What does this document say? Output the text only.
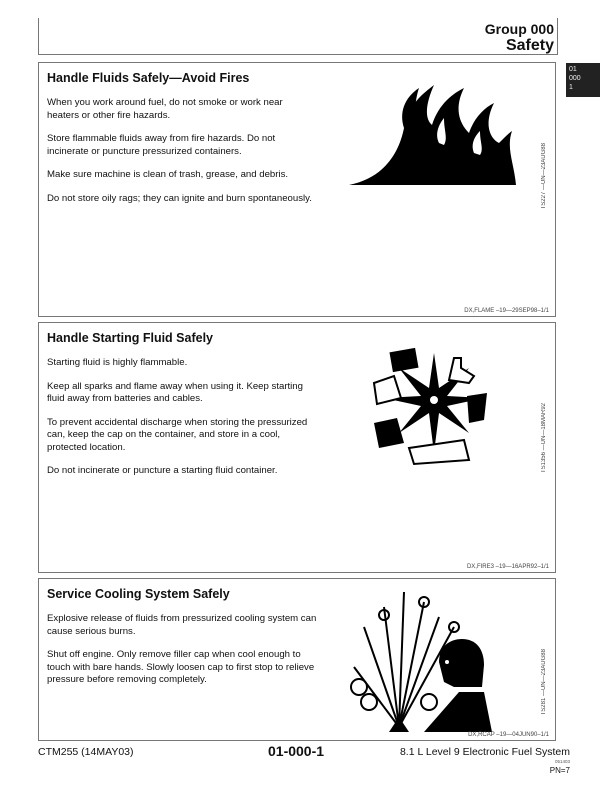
Group 000
Safety
01
000
1
Handle Fluids Safely—Avoid Fires

When you work around fuel, do not smoke or work near heaters or other fire hazards.

Store flammable fluids away from fire hazards. Do not incinerate or puncture pressurized containers.

Make sure machine is clean of trash, grease, and debris.

Do not store oily rags; they can ignite and burn spontaneously.	TS227 —UN—23AUG88
DX,FLAME –19—29SEP98–1/1
Handle Starting Fluid Safely

Starting fluid is highly flammable.

Keep all sparks and flame away when using it. Keep starting fluid away from batteries and cables.

To prevent accidental discharge when storing the pressurized can, keep the cap on the container, and store in a cool, protected location.

Do not incinerate or puncture a starting fluid container.	TS1356 —UN—18MAR92
DX,FIRE3 –19—16APR92–1/1
Service Cooling System Safely

Explosive release of fluids from pressurized cooling system can cause serious burns.

Shut off engine. Only remove filler cap when cool enough to touch with bare hands. Slowly loosen cap to first stop to relieve pressure before removing completely.	TS281 —UN—23AUG88
DX,RCAP –19—04JUN90–1/1
CTM255 (14MAY03)	01-000-1	8.1 L Level 9 Electronic Fuel System
051403
PN=7
